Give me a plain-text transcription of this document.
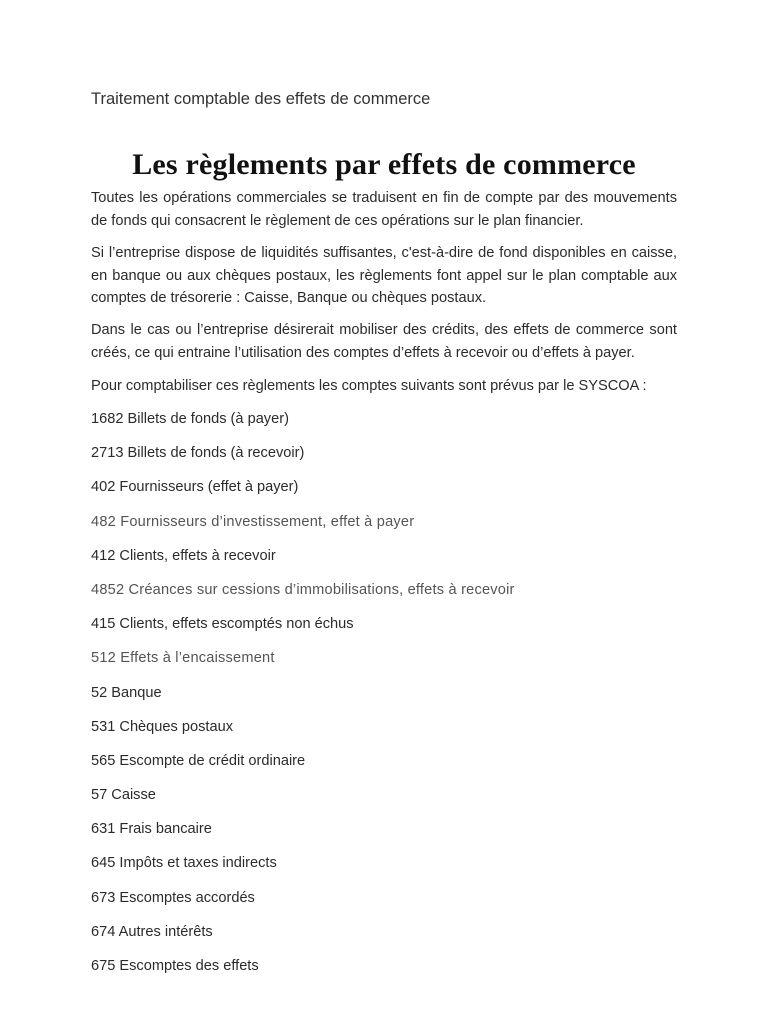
Traitement comptable des effets de commerce
Les règlements par effets de commerce

Toutes les opérations commerciales se traduisent en fin de compte par des mouvements de fonds qui consacrent le règlement de ces opérations sur le plan financier.

Si l’entreprise dispose de liquidités suffisantes, c'est-à-dire de fond disponibles en caisse, en banque ou aux chèques postaux, les règlements font appel sur le plan comptable aux comptes de trésorerie : Caisse, Banque ou chèques postaux.

Dans le cas ou l’entreprise désirerait mobiliser des crédits, des effets de commerce sont créés, ce qui entraine l’utilisation des comptes d’effets à recevoir ou d’effets à payer.

Pour comptabiliser ces règlements les comptes suivants sont prévus par le SYSCOA :

1682 Billets de fonds (à payer)
2713 Billets de fonds (à recevoir)
402 Fournisseurs (effet à payer)
482 Fournisseurs d’investissement, effet à payer
412 Clients, effets à recevoir
4852 Créances sur cessions d’immobilisations, effets à recevoir
415 Clients, effets escomptés non échus
512 Effets à l’encaissement
52 Banque
531 Chèques postaux
565 Escompte de crédit ordinaire
57 Caisse
631 Frais bancaire
645 Impôts et taxes indirects
673 Escomptes accordés
674 Autres intérêts
675 Escomptes des effets
